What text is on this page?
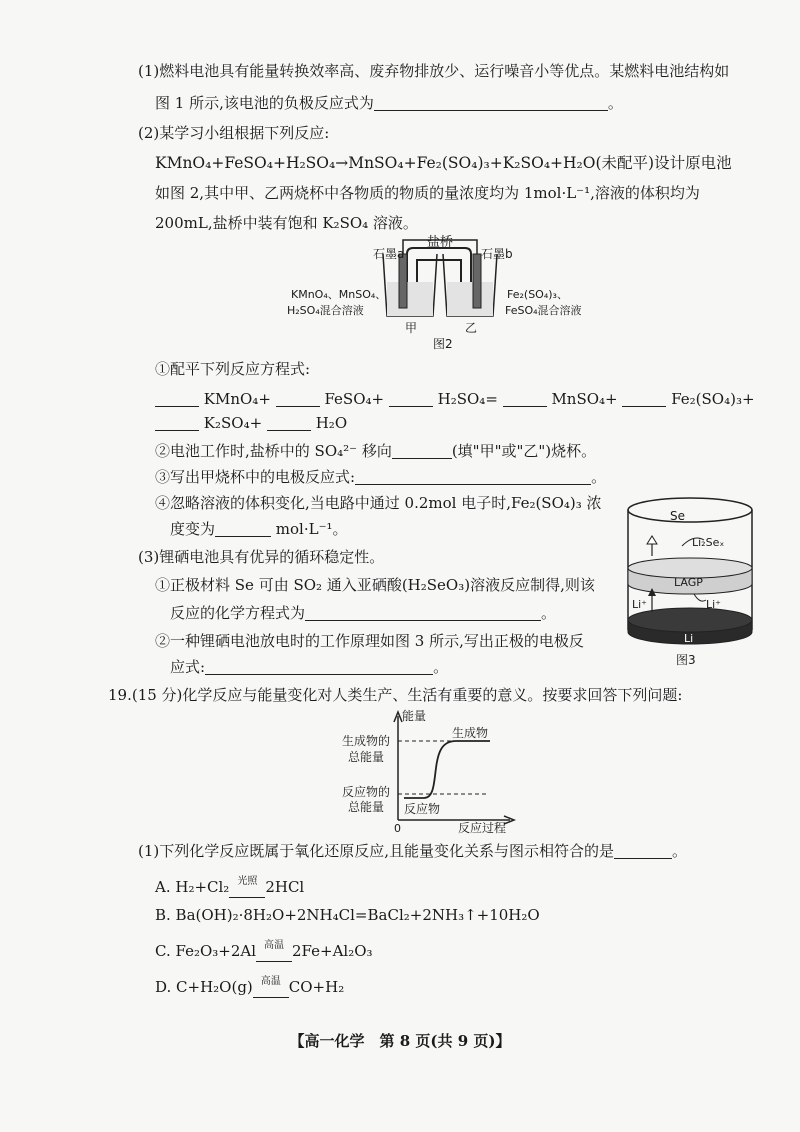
(1)燃料电池具有能量转换效率高、废弃物排放少、运行噪音小等优点。某燃料电池结构如
图 1 所示,该电池的负极反应式为	。
(2)某学习小组根据下列反应:
KMnO₄+FeSO₄+H₂SO₄→MnSO₄+Fe₂(SO₄)₃+K₂SO₄+H₂O(未配平)设计原电池
如图 2,其中甲、乙两烧杯中各物质的物质的量浓度均为 1mol·L⁻¹,溶液的体积均为
200mL,盐桥中装有饱和 K₂SO₄ 溶液。
盐桥
石墨a	石墨b
KMnO₄、MnSO₄、
H₂SO₄混合溶液
Fe₂(SO₄)₃、
FeSO₄混合溶液
甲	乙
图2
①配平下列反应方程式:
KMnO₄+	FeSO₄+	H₂SO₄=	MnSO₄+	Fe₂(SO₄)₃+
K₂SO₄+	H₂O
②电池工作时,盐桥中的 SO₄²⁻ 移向	(填"甲"或"乙")烧杯。
③写出甲烧杯中的电极反应式:	。
④忽略溶液的体积变化,当电路中通过 0.2mol 电子时,Fe₂(SO₄)₃ 浓
度变为	mol·L⁻¹。
(3)锂硒电池具有优异的循环稳定性。
①正极材料 Se 可由 SO₂ 通入亚硒酸(H₂SeO₃)溶液反应制得,则该
反应的化学方程式为	。
②一种锂硒电池放电时的工作原理如图 3 所示,写出正极的电极反
应式:	。
Se
Li₂Seₓ
LAGP
Li⁺	Li⁺
Li
图3
19.(15 分)化学反应与能量变化对人类生产、生活有重要的意义。按要求回答下列问题:
能量
生成物的
总能量
反应物的
总能量
生成物
反应物
0	反应过程
(1)下列化学反应既属于氧化还原反应,且能量变化关系与图示相符合的是	。
A. H₂+Cl₂ 光照 2HCl
B. Ba(OH)₂·8H₂O+2NH₄Cl=BaCl₂+2NH₃↑+10H₂O
C. Fe₂O₃+2Al 高温 2Fe+Al₂O₃
D. C+H₂O(g) 高温 CO+H₂
【高一化学　第 8 页(共 9 页)】
